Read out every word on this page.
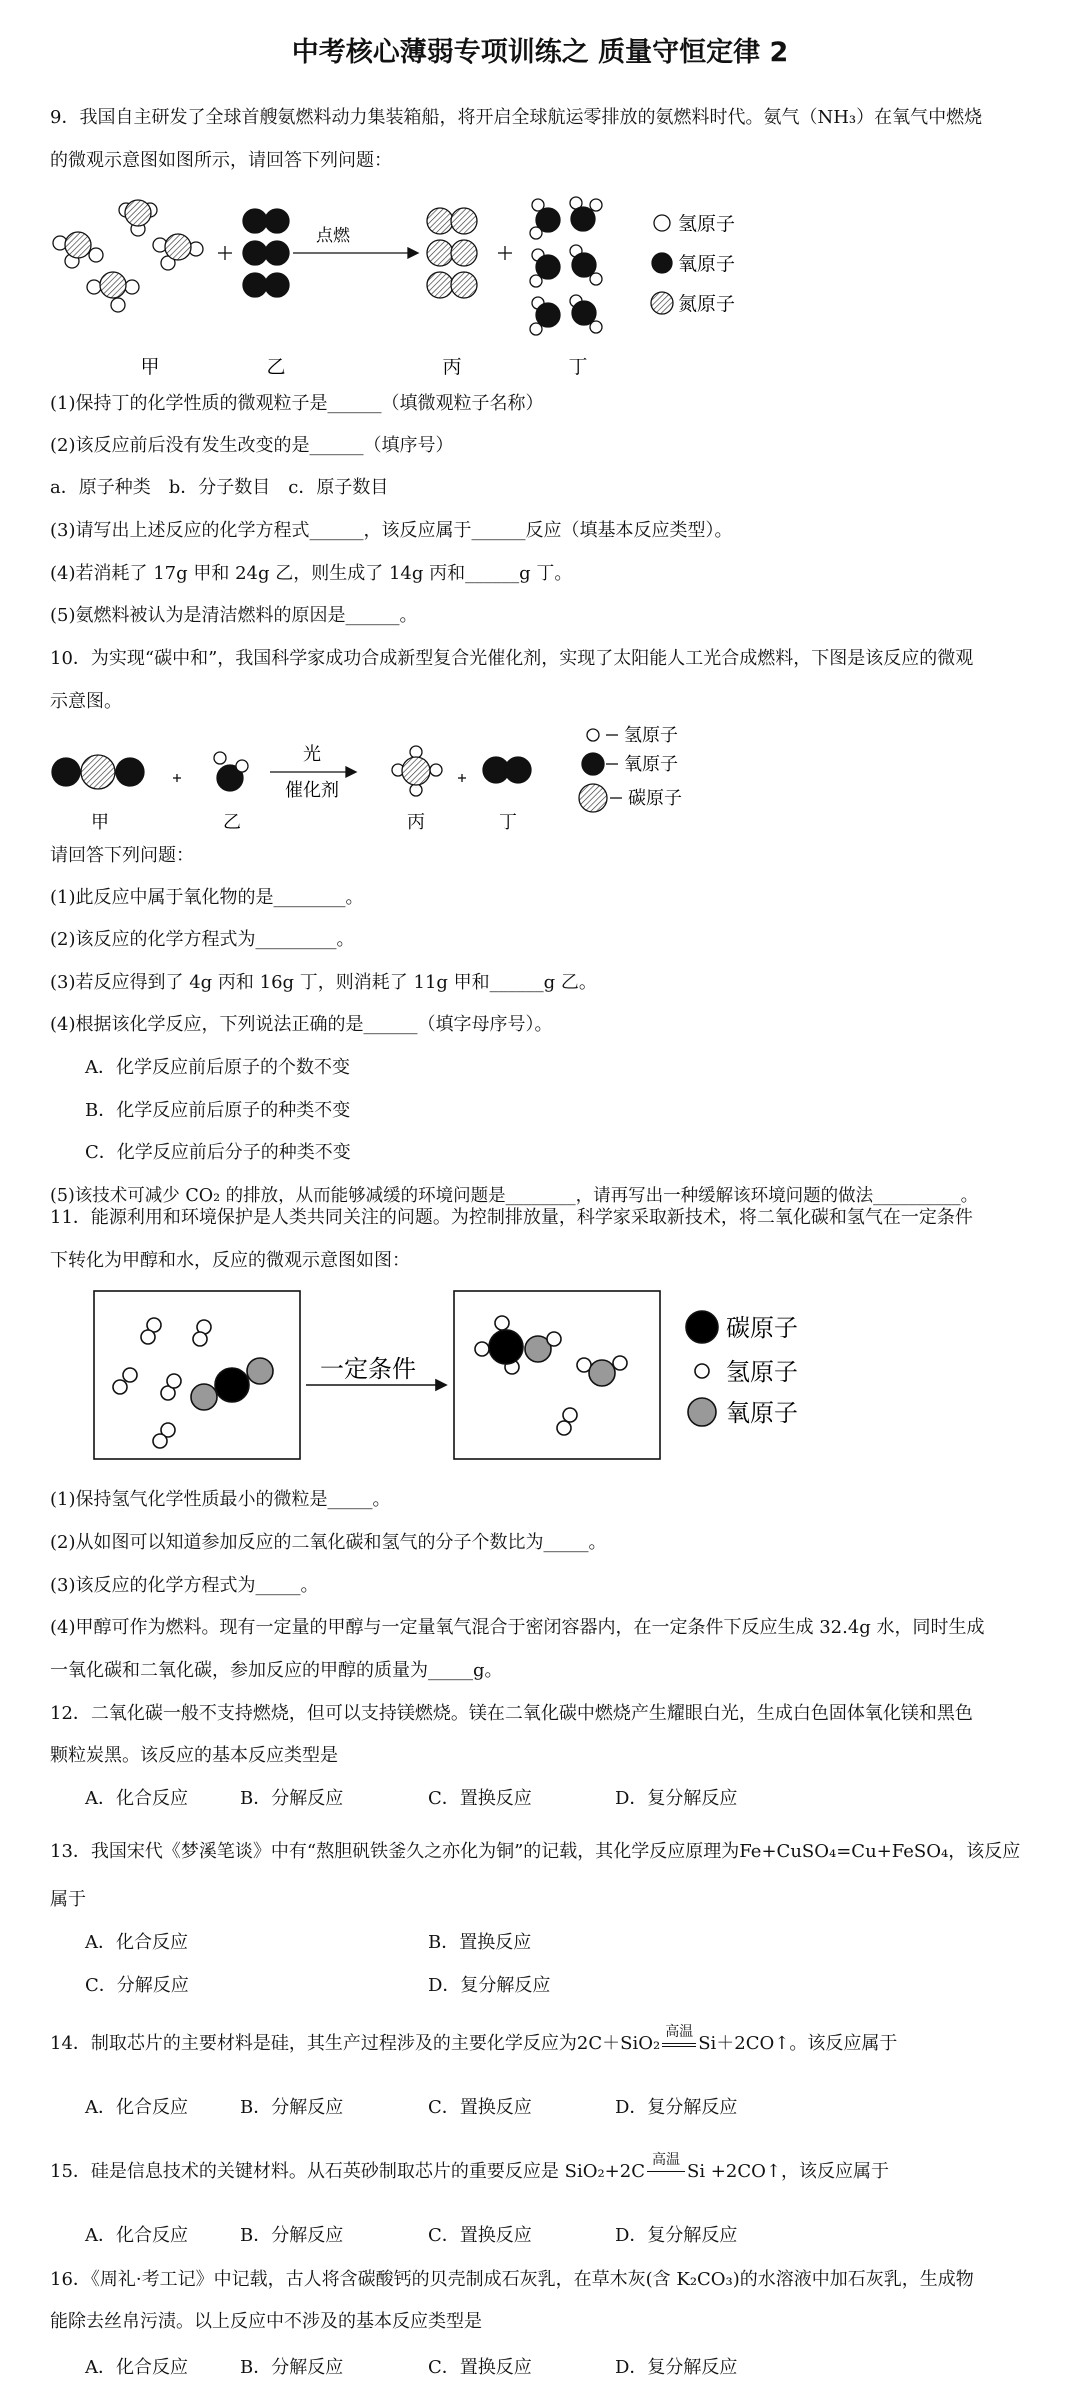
中考核心薄弱专项训练之 质量守恒定律 2
9．我国自主研发了全球首艘氨燃料动力集装箱船，将开启全球航运零排放的氨燃料时代。氨气（NH₃）在氧气中燃烧
的微观示意图如图所示，请回答下列问题：
点燃
氢原子
氧原子
氮原子
甲	乙	丙	丁
(1)保持丁的化学性质的微观粒子是______（填微观粒子名称）
(2)该反应前后没有发生改变的是______（填序号）
a．原子种类　b．分子数目　c．原子数目
(3)请写出上述反应的化学方程式______，该反应属于______反应（填基本反应类型）。
(4)若消耗了 17g 甲和 24g 乙，则生成了 14g 丙和______g 丁。
(5)氨燃料被认为是清洁燃料的原因是______。
10．为实现“碳中和”，我国科学家成功合成新型复合光催化剂，实现了太阳能人工光合成燃料，下图是该反应的微观
示意图。
光
催化剂
氢原子
氧原子
碳原子
甲	乙	丙	丁
请回答下列问题：
(1)此反应中属于氧化物的是________。
(2)该反应的化学方程式为_________。
(3)若反应得到了 4g 丙和 16g 丁，则消耗了 11g 甲和______g 乙。
(4)根据该化学反应，下列说法正确的是______（填字母序号）。
A．化学反应前后原子的个数不变
B．化学反应前后原子的种类不变
C．化学反应前后分子的种类不变
(5)该技术可减少 CO₂ 的排放，从而能够减缓的环境问题是________，请再写出一种缓解该环境问题的做法__________。
11．能源利用和环境保护是人类共同关注的问题。为控制排放量，科学家采取新技术，将二氧化碳和氢气在一定条件
下转化为甲醇和水，反应的微观示意图如图：
一定条件
碳原子
氢原子
氧原子
(1)保持氢气化学性质最小的微粒是_____。
(2)从如图可以知道参加反应的二氧化碳和氢气的分子个数比为_____。
(3)该反应的化学方程式为_____。
(4)甲醇可作为燃料。现有一定量的甲醇与一定量氧气混合于密闭容器内，在一定条件下反应生成 32.4g 水，同时生成
一氧化碳和二氧化碳，参加反应的甲醇的质量为_____g。
12．二氧化碳一般不支持燃烧，但可以支持镁燃烧。镁在二氧化碳中燃烧产生耀眼白光，生成白色固体氧化镁和黑色
颗粒炭黑。该反应的基本反应类型是
A．化合反应	B．分解反应	C．置换反应	D．复分解反应
13．我国宋代《梦溪笔谈》中有“熬胆矾铁釜久之亦化为铜”的记载，其化学反应原理为Fe+CuSO₄=Cu+FeSO₄，该反应
属于
A．化合反应	B．置换反应
C．分解反应	D．复分解反应
14．制取芯片的主要材料是硅，其生产过程涉及的主要化学反应为2C＋SiO₂
高温
Si＋2CO↑。该反应属于
A．化合反应	B．分解反应	C．置换反应	D．复分解反应
15．硅是信息技术的关键材料。从石英砂制取芯片的重要反应是 SiO₂+2C
高温
Si +2CO↑，该反应属于
A．化合反应	B．分解反应	C．置换反应	D．复分解反应
16．《周礼·考工记》中记载，古人将含碳酸钙的贝壳制成石灰乳，在草木灰(含 K₂CO₃)的水溶液中加石灰乳，生成物
能除去丝帛污渍。以上反应中不涉及的基本反应类型是
A．化合反应	B．分解反应	C．置换反应	D．复分解反应
